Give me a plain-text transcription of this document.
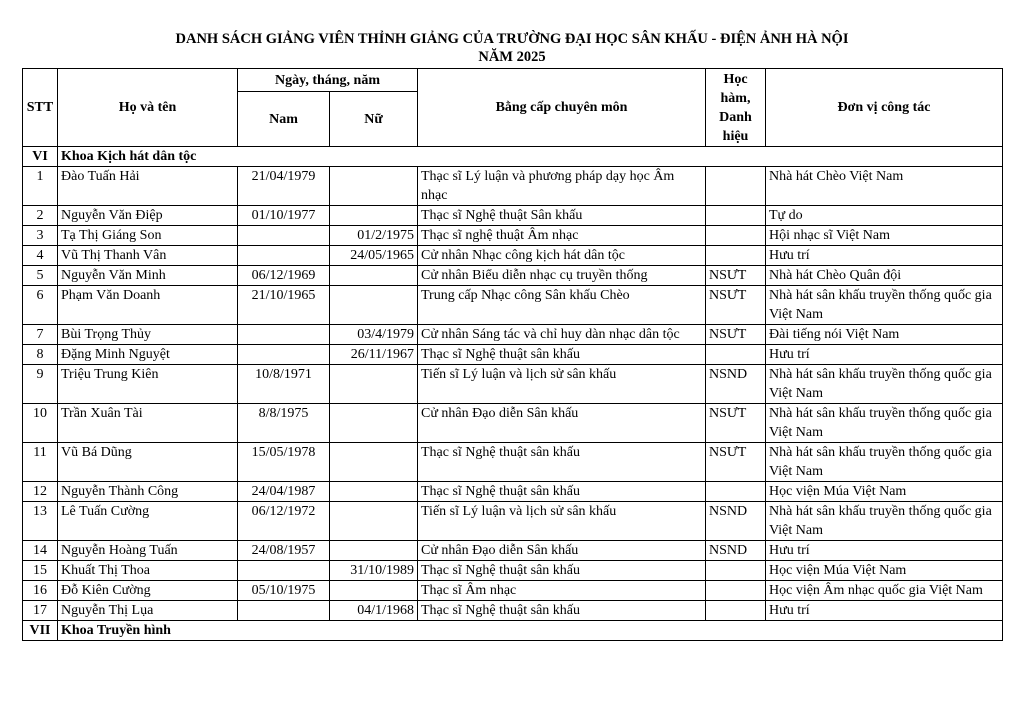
DANH SÁCH GIẢNG VIÊN THỈNH GIẢNG CỦA TRƯỜNG ĐẠI HỌC SÂN KHẤU - ĐIỆN ẢNH HÀ NỘI
NĂM 2025
STT	Họ và tên	Ngày, tháng, năm		Bằng cấp chuyên môn	Học
hàm,
Danh
hiệu	Đơn vị công tác
		Nam	Nữ			
VI	Khoa Kịch hát dân tộc					
1	Đào Tuấn Hải	21/04/1979		Thạc sĩ Lý luận và phương pháp dạy học Âm nhạc		Nhà hát Chèo Việt Nam
2	Nguyễn Văn Điệp	01/10/1977		Thạc sĩ Nghệ thuật Sân khấu		Tự do
3	Tạ Thị Giáng Son		01/2/1975	Thạc sĩ nghệ thuật Âm nhạc		Hội nhạc sĩ Việt Nam
4	Vũ Thị Thanh Vân		24/05/1965	Cử nhân Nhạc công kịch hát dân tộc		Hưu trí
5	Nguyễn Văn Minh	06/12/1969		Cử nhân Biểu diễn nhạc cụ truyền thống	NSƯT	Nhà hát Chèo Quân đội
6	Phạm Văn Doanh	21/10/1965		Trung cấp Nhạc công Sân khấu Chèo	NSƯT	Nhà hát sân khấu truyền thống quốc gia Việt Nam
7	Bùi Trọng Thủy		03/4/1979	Cử nhân Sáng tác và chỉ huy dàn nhạc dân tộc	NSƯT	Đài tiếng nói Việt Nam
8	Đặng Minh Nguyệt		26/11/1967	Thạc sĩ Nghệ thuật sân khấu		Hưu trí
9	Triệu Trung Kiên	10/8/1971		Tiến sĩ Lý luận và lịch sử sân khấu	NSND	Nhà hát sân khấu truyền thống quốc gia Việt Nam
10	Trần Xuân Tài	8/8/1975		Cử nhân Đạo diễn Sân khấu	NSƯT	Nhà hát sân khấu truyền thống quốc gia Việt Nam
11	Vũ Bá Dũng	15/05/1978		Thạc sĩ Nghệ thuật sân khấu	NSƯT	Nhà hát sân khấu truyền thống quốc gia Việt Nam
12	Nguyễn Thành Công	24/04/1987		Thạc sĩ Nghệ thuật sân khấu		Học viện Múa Việt Nam
13	Lê Tuấn Cường	06/12/1972		Tiến sĩ Lý luận và lịch sử sân khấu	NSND	Nhà hát sân khấu truyền thống quốc gia Việt Nam
14	Nguyễn Hoàng Tuấn	24/08/1957		Cử nhân Đạo diễn Sân khấu	NSND	Hưu trí
15	Khuất Thị Thoa		31/10/1989	Thạc sĩ Nghệ thuật sân khấu		Học viện Múa Việt Nam
16	Đỗ Kiên Cường	05/10/1975		Thạc sĩ Âm nhạc		Học viện Âm nhạc quốc gia Việt Nam
17	Nguyễn Thị Lụa		04/1/1968	Thạc sĩ Nghệ thuật sân khấu		Hưu trí
VII	Khoa Truyền hình					
